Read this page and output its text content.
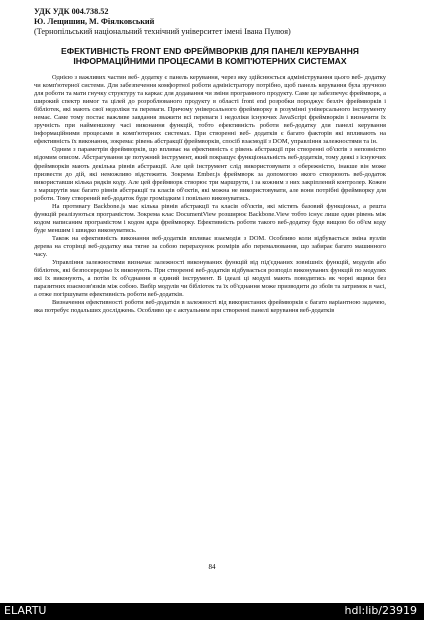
УДК УДК 004.738.52
Ю. Лещишин, М. Фіялковський
(Тернопільський національний технічний університет імені Івана Пулюя)
ЕФЕКТИВНІСТЬ FRONT END ФРЕЙМВОРКІВ ДЛЯ ПАНЕЛІ КЕРУВАННЯ ІНФОРМАЦІЙНИМИ ПРОЦЕСАМИ В КОМП'ЮТЕРНИХ СИСТЕМАХ

Однією з важливих частин веб- додатку є панель керування, через яку здійснюється адміністрування цього веб- додатку чи комп'ютерної системи. Для забезпечення комфортної роботи адміністратору потрібно, щоб панель керування була зручною для роботи та мати гнучку структуру та каркас для додавання чи зміни програмного продукту. Саме це забезпечує фреймворк, а широкий спектр вимог та цілей до розроблюваного продукту в області front end розробки породжує безліч фреймворків і бібліотек, які мають свої недоліки та переваги. Причому універсального фреймворку в розумінні універсального інструменту немає. Саме тому постає важливе завдання зважити всі переваги і недоліки існуючих JavaScript фреймворків і визначити їх зручність при найменшому часі виконання функцій, тобто ефективність роботи веб-додатку для панелі керування інформаційними процесами в комп'ютерних системах. При створенні веб- додатків є багато факторів які впливають на ефективність їх виконання, зокрема: рівень абстракції фреймворків, спосіб взаємодії з DOM, управління залежностями та ін.

Одним з параметрів фреймворків, що впливає на ефективність є рівень абстракції при створенні об'єктів з неповністю відомим описом. Абстрагування це потужний інструмент, який покращує функціональність веб-додатків, тому деякі з існуючих фреймворків мають декілька рівнів абстракції. Але цей інструмент слід використовувати з обережністю, інакше він може призвести до дій, які неможливо відстежити. Зокрема Ember.js фреймворк за допомогою якого створюють веб-додаток використавши кілька рядків коду. Але цей фреймворк створює три маршрути, і за кожним з них закріплений контролер. Кожен з маршрутів має багато рівнів абстракції та класів об'єктів, які можна не використовувати, але вони потрібні фреймворку для роботи. Тому створений веб-додаток буде громіздким і повільно виконуватись.

На противагу Backbone.js має кілька рівнів абстракції та класів об'єктів, які містять базовий функціонал, а решта функцій реалізуються програмістом. Зокрема клас DocumentView розширює Backbone.View тобто існує лише один рівень між кодом написаним програмістом і кодом ядра фреймворку. Ефективність роботи такого веб-додатку буде вищою бо об'єм коду буде меншим і швидко виконуватись.

Також на ефективність виконання веб-додатків впливає взаємодія з DOM. Особливо коли відбувається зміна вузлів дерева на сторінці веб-додатку яка тягне за собою перерахунок розмірів або перемалювання, що забирає багато машинного часу.

Управління залежностями визначає залежності виконуваних функцій від під'єднаних зовнішніх функцій, модулів або бібліотек, які безпосередньо їх виконують. При створенні веб-додатків відбувається розподіл виконуваних функцій по модулях які їх виконують, а потім їх об'єднання в єдиний інструмент. В ідеалі ці модулі мають поводитись як чорні ящики без паразитних взаємозв'язків між собою. Вибір модулів чи бібліотек та їх об'єднання може призводити до збоїв та затримок в часі, а отже погіршувати ефективність роботи веб-додатків.

Визначення ефективності роботи веб-додатків в залежності від використаних фреймворків є багато варіантною задачею, яка потребує подальших досліджень. Особливо це є актуальним при створенні панелі керування веб-додатків

84
ELARTU	hdl:lib/23919
